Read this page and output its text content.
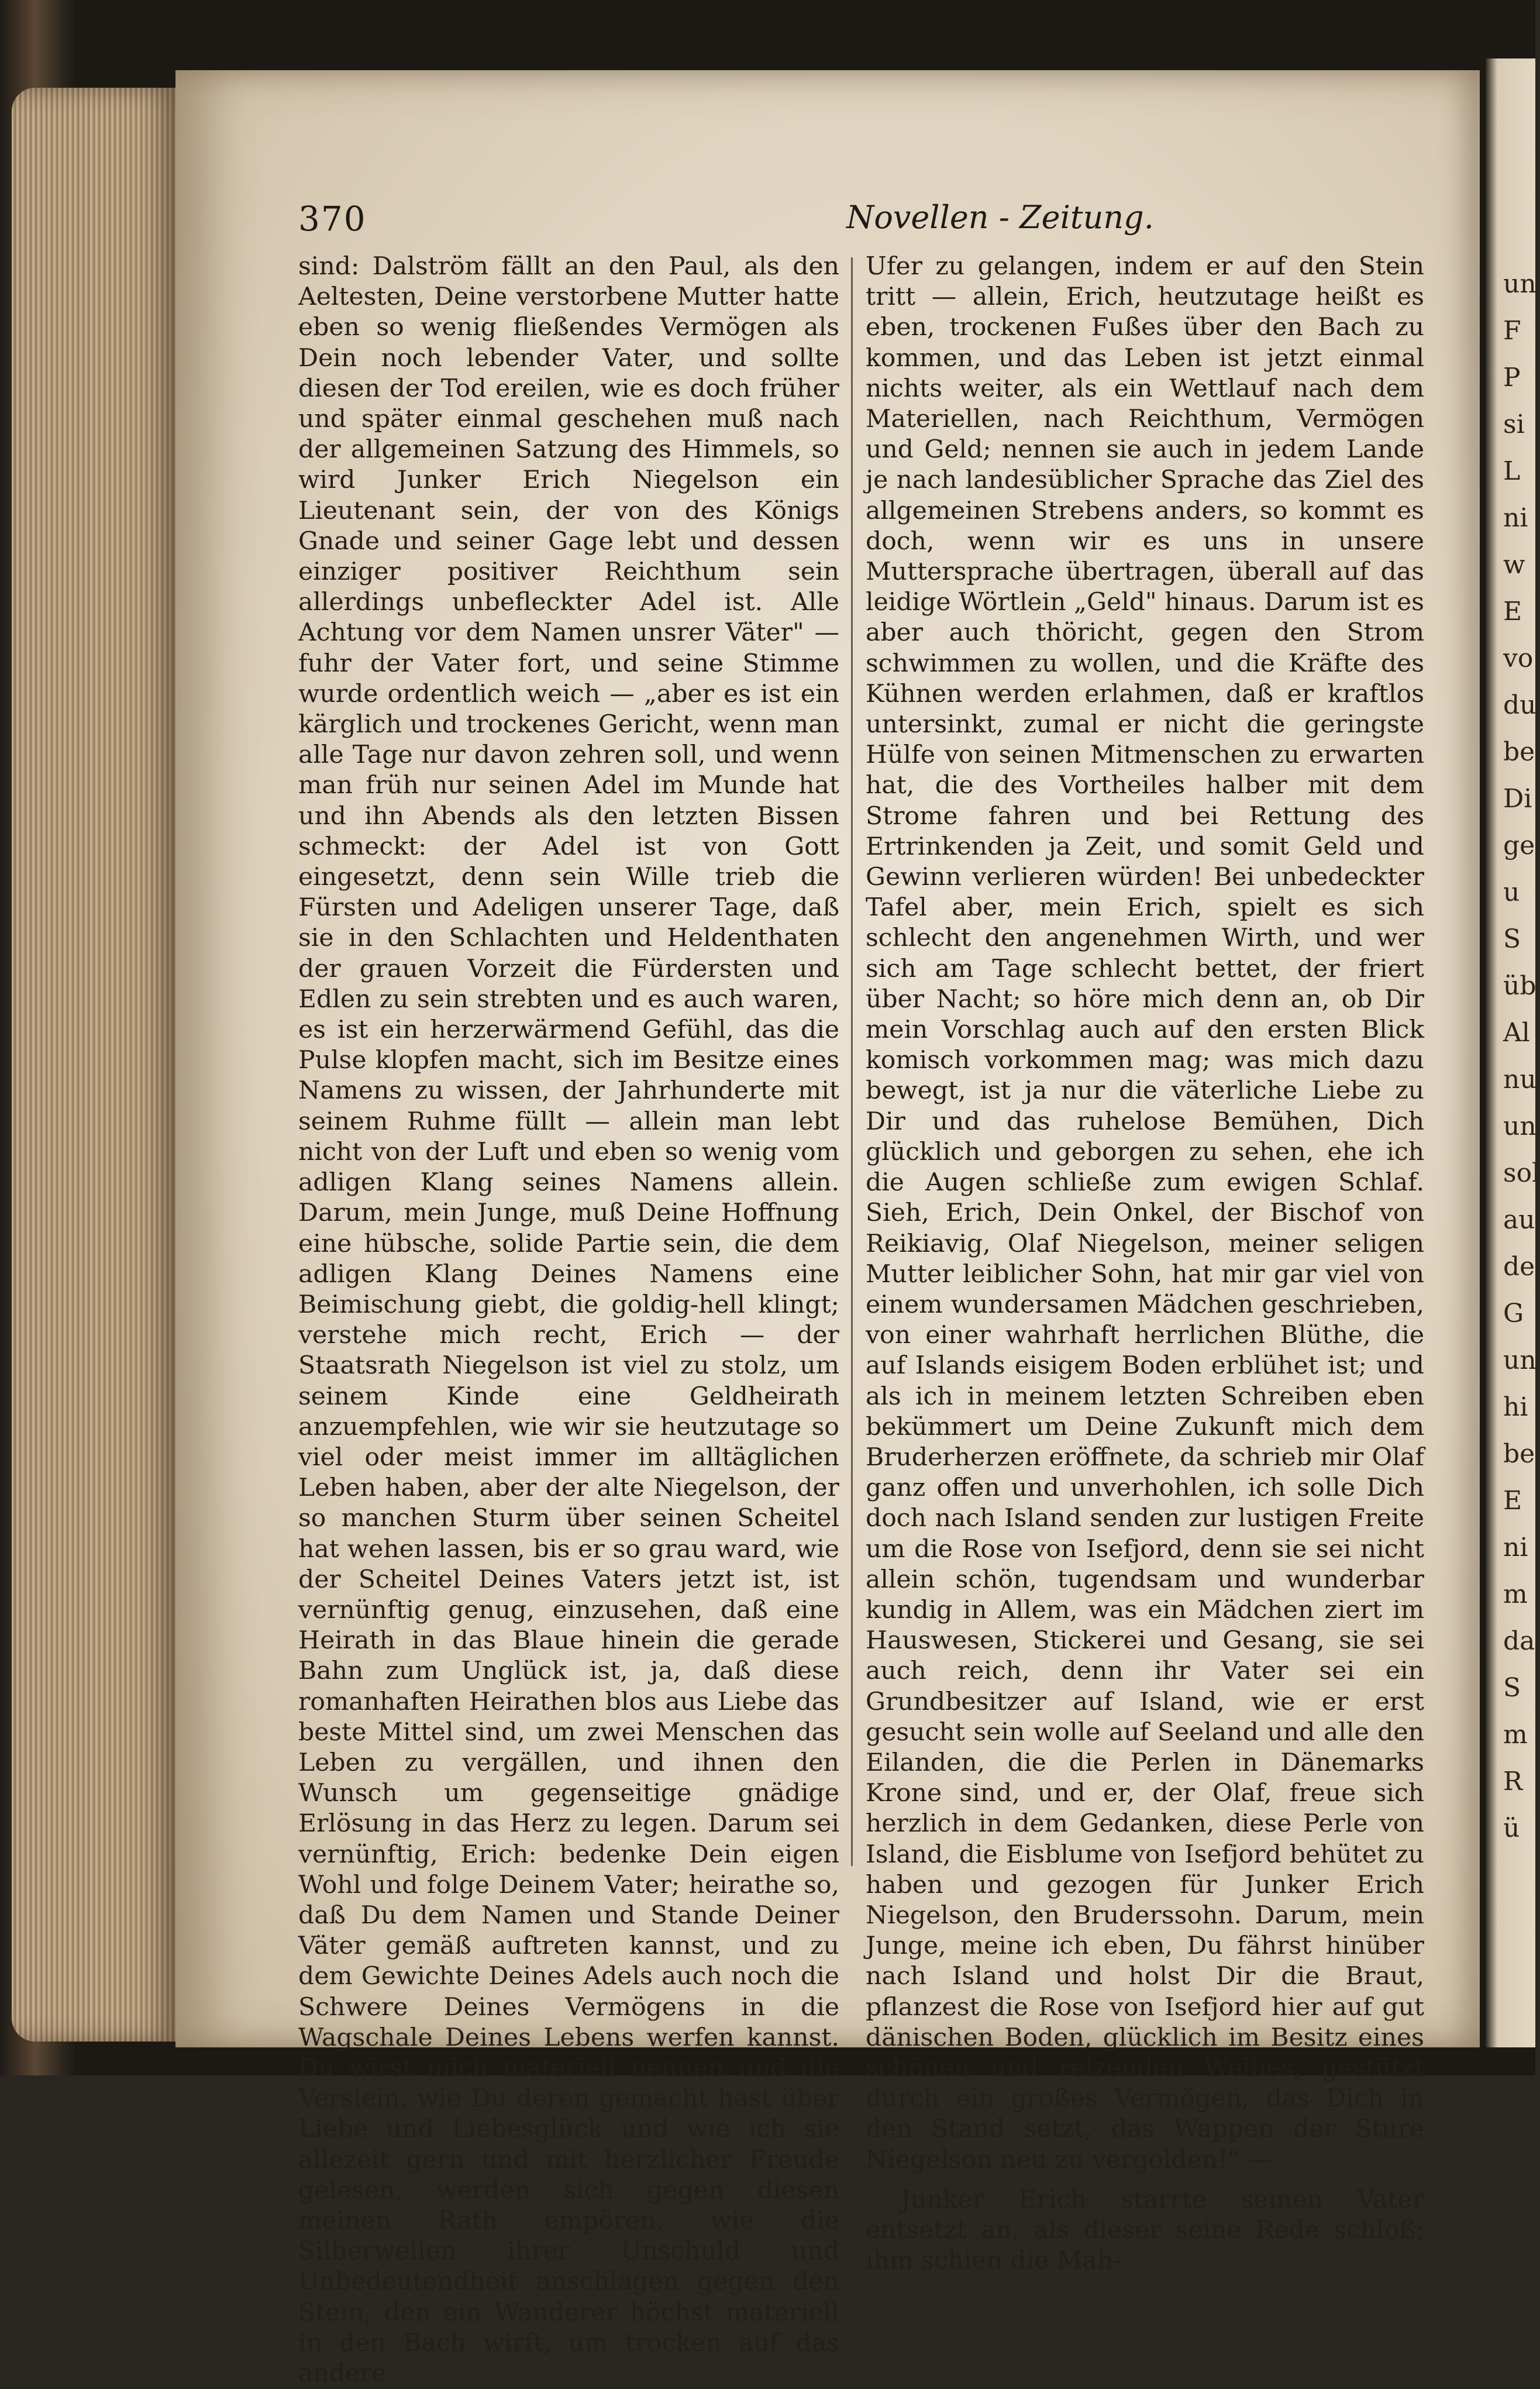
un
F
P
si
L
ni
w
E
vo
du
be
Di
ge
u
S
üb
Al
nu
un
sol
au
de
G
un
hi
be
E
ni
m
da
S
m
R
ü
370	Novellen - Zeitung.

sind: Dalström fällt an den Paul, als den Aeltesten, Deine verstorbene Mutter hatte eben so wenig fließendes Vermögen als Dein noch lebender Vater, und sollte diesen der Tod ereilen, wie es doch früher und später einmal geschehen muß nach der allgemeinen Satzung des Himmels, so wird Junker Erich Niegelson ein Lieutenant sein, der von des Königs Gnade und seiner Gage lebt und dessen einziger positiver Reichthum sein allerdings unbefleckter Adel ist. Alle Achtung vor dem Namen unsrer Väter" — fuhr der Vater fort, und seine Stimme wurde ordentlich weich — „aber es ist ein kärglich und trockenes Gericht, wenn man alle Tage nur davon zehren soll, und wenn man früh nur seinen Adel im Munde hat und ihn Abends als den letzten Bissen schmeckt: der Adel ist von Gott eingesetzt, denn sein Wille trieb die Fürsten und Adeligen unserer Tage, daß sie in den Schlachten und Heldenthaten der grauen Vorzeit die Fürdersten und Edlen zu sein strebten und es auch waren, es ist ein herzerwärmend Gefühl, das die Pulse klopfen macht, sich im Besitze eines Namens zu wissen, der Jahrhunderte mit seinem Ruhme füllt — allein man lebt nicht von der Luft und eben so wenig vom adligen Klang seines Namens allein. Darum, mein Junge, muß Deine Hoffnung eine hübsche, solide Partie sein, die dem adligen Klang Deines Namens eine Beimischung giebt, die goldig-hell klingt; verstehe mich recht, Erich — der Staatsrath Niegelson ist viel zu stolz, um seinem Kinde eine Geldheirath anzuempfehlen, wie wir sie heutzutage so viel oder meist immer im alltäglichen Leben haben, aber der alte Niegelson, der so manchen Sturm über seinen Scheitel hat wehen lassen, bis er so grau ward, wie der Scheitel Deines Vaters jetzt ist, ist vernünftig genug, einzusehen, daß eine Heirath in das Blaue hinein die gerade Bahn zum Unglück ist, ja, daß diese romanhaften Heirathen blos aus Liebe das beste Mittel sind, um zwei Menschen das Leben zu vergällen, und ihnen den Wunsch um gegenseitige gnädige Erlösung in das Herz zu legen. Darum sei vernünftig, Erich: bedenke Dein eigen Wohl und folge Deinem Vater; heirathe so, daß Du dem Namen und Stande Deiner Väter gemäß auftreten kannst, und zu dem Gewichte Deines Adels auch noch die Schwere Deines Vermögens in die Wagschale Deines Lebens werfen kannst. Du wirst mich materiell nennen und die Verslein, wie Du deren gemacht hast über Liebe und Liebesglück und wie ich sie allezeit gern und mit herzlicher Freude gelesen, werden sich gegen diesen meinen Rath empören, wie die Silberwellen ihrer Unschuld und Unbedeutendheit anschlagen gegen den Stein, den ein Wanderer höchst materiell in den Bach wirft, um trocken auf das andere

Ufer zu gelangen, indem er auf den Stein tritt — allein, Erich, heutzutage heißt es eben, trockenen Fußes über den Bach zu kommen, und das Leben ist jetzt einmal nichts weiter, als ein Wettlauf nach dem Materiellen, nach Reichthum, Vermögen und Geld; nennen sie auch in jedem Lande je nach landesüblicher Sprache das Ziel des allgemeinen Strebens anders, so kommt es doch, wenn wir es uns in unsere Muttersprache übertragen, überall auf das leidige Wörtlein „Geld" hinaus. Darum ist es aber auch thöricht, gegen den Strom schwimmen zu wollen, und die Kräfte des Kühnen werden erlahmen, daß er kraftlos untersinkt, zumal er nicht die geringste Hülfe von seinen Mitmenschen zu erwarten hat, die des Vortheiles halber mit dem Strome fahren und bei Rettung des Ertrinkenden ja Zeit, und somit Geld und Gewinn verlieren würden! Bei unbedeckter Tafel aber, mein Erich, spielt es sich schlecht den angenehmen Wirth, und wer sich am Tage schlecht bettet, der friert über Nacht; so höre mich denn an, ob Dir mein Vorschlag auch auf den ersten Blick komisch vorkommen mag; was mich dazu bewegt, ist ja nur die väterliche Liebe zu Dir und das ruhelose Bemühen, Dich glücklich und geborgen zu sehen, ehe ich die Augen schließe zum ewigen Schlaf. Sieh, Erich, Dein Onkel, der Bischof von Reikiavig, Olaf Niegelson, meiner seligen Mutter leiblicher Sohn, hat mir gar viel von einem wundersamen Mädchen geschrieben, von einer wahrhaft herrlichen Blüthe, die auf Islands eisigem Boden erblühet ist; und als ich in meinem letzten Schreiben eben bekümmert um Deine Zukunft mich dem Bruderherzen eröffnete, da schrieb mir Olaf ganz offen und unverhohlen, ich solle Dich doch nach Island senden zur lustigen Freite um die Rose von Isefjord, denn sie sei nicht allein schön, tugendsam und wunderbar kundig in Allem, was ein Mädchen ziert im Hauswesen, Stickerei und Gesang, sie sei auch reich, denn ihr Vater sei ein Grundbesitzer auf Island, wie er erst gesucht sein wolle auf Seeland und alle den Eilanden, die die Perlen in Dänemarks Krone sind, und er, der Olaf, freue sich herzlich in dem Gedanken, diese Perle von Island, die Eisblume von Isefjord behütet zu haben und gezogen für Junker Erich Niegelson, den Bruderssohn. Darum, mein Junge, meine ich eben, Du fährst hinüber nach Island und holst Dir die Braut, pflanzest die Rose von Isefjord hier auf gut dänischen Boden, glücklich im Besitz eines schönen und reizenden Weibes, gestützt durch ein großes Vermögen, das Dich in den Stand setzt, das Wappen der Sture Niegelson neu zu vergolden!" —

Junker Erich starrte seinen Vater entsetzt an, als dieser seine Rede schloß; ihm schien die Mah-
